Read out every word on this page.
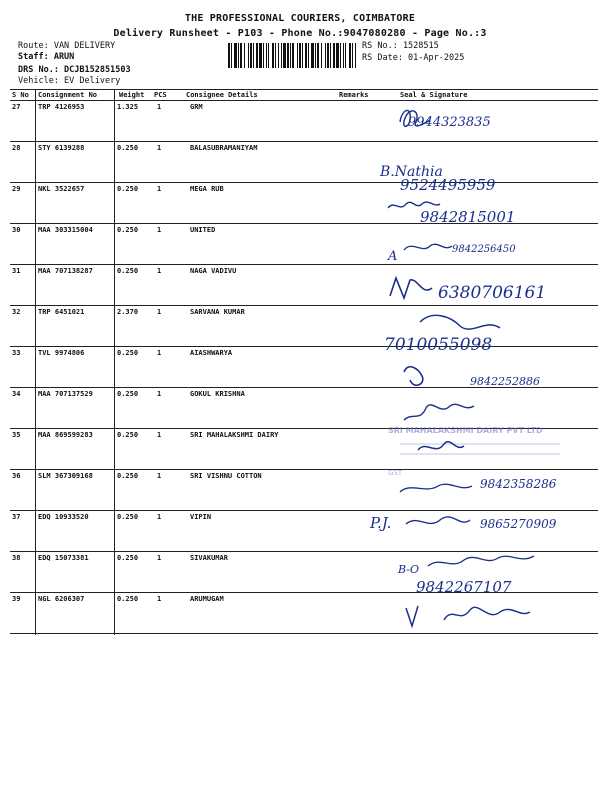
THE PROFESSIONAL COURIERS, COIMBATORE
Delivery Runsheet - P103 - Phone No.:9047080280 - Page No.:3
Route: VAN DELIVERY
Staff: ARUN
DRS No.: DCJB152851503
Vehicle: EV Delivery
RS No.: 1528515
RS Date: 01-Apr-2025
S No Consignment No	Weight PCS	Consignee Details	Remarks	Seal & Signature
27	TRP 4126953	1.325	1	GRM
28	STY 6139288	0.250	1	BALASUBRAMANIYAM
29	NKL 3522657	0.250	1	MEGA RUB
30	MAA 303315004	0.250	1	UNITED
31	MAA 707138287	0.250	1	NAGA VADIVU
32	TRP 6451021	2.370	1	SARVANA KUMAR
33	TVL 9974806	0.250	1	AIASHWARYA
34	MAA 707137529	0.250	1	GOKUL KRISHNA
35	MAA 869599283	0.250	1	SRI MAHALAKSHMI DAIRY
36	SLM 367309168	0.250	1	SRI VISHNU COTTON
37	EDQ 10933520	0.250	1	VIPIN
38	EDQ 15073381	0.250	1	SIVAKUMAR
39	NGL 6206307	0.250	1	ARUMUGAM
SRI MAHALAKSHMI DAIRY PVT LTD
GST
9944323835
B.Nathia
9524495959
9842815001
A	9842256450
6380706161
7010055098
9842252886
9842358286
P.J.	9865270909
B-O
9842267107
